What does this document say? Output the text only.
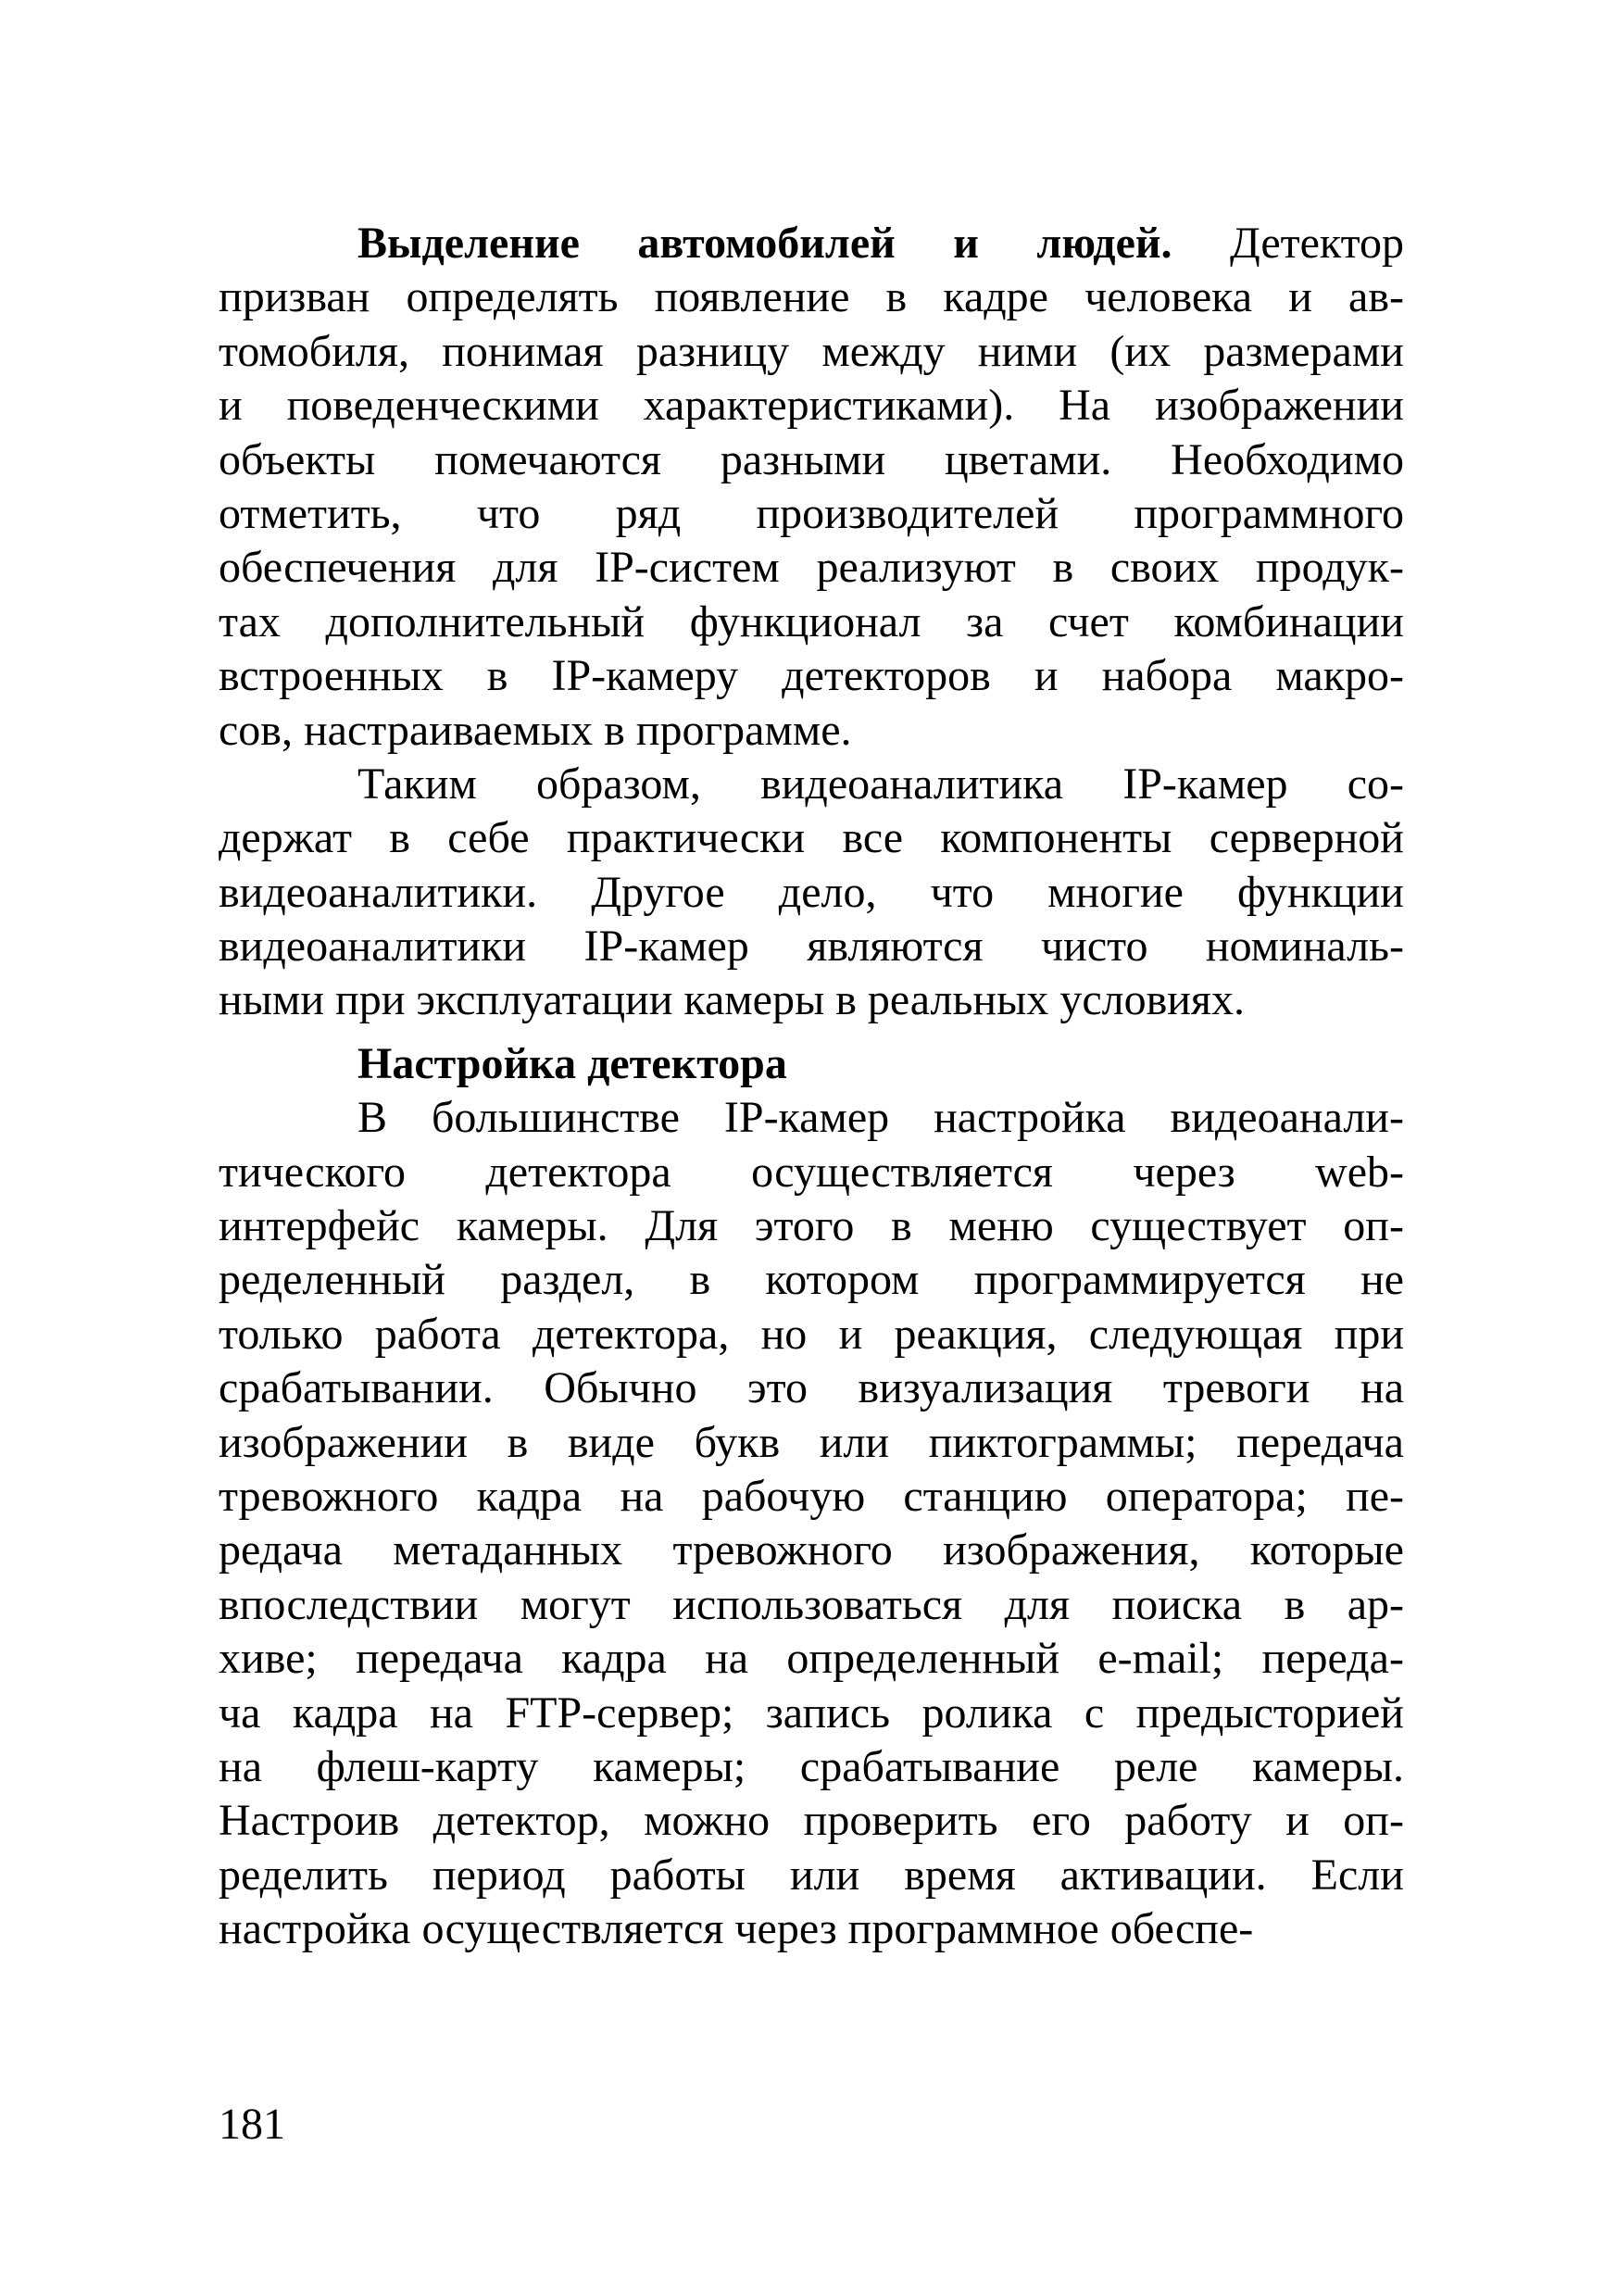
Выделение автомобилей и людей. Детектор
призван определять появление в кадре человека и ав-
томобиля, понимая разницу между ними (их размерами
и поведенческими характеристиками). На изображении
объекты помечаются разными цветами. Необходимо
отметить, что ряд производителей программного
обеспечения для IP-систем реализуют в своих продук-
тах дополнительный функционал за счет комбинации
встроенных в IP-камеру детекторов и набора макро-
сов, настраиваемых в программе.
Таким образом, видеоаналитика IP-камер со-
держат в себе практически все компоненты серверной
видеоаналитики. Другое дело, что многие функции
видеоаналитики IP-камер являются чисто номиналь-
ными при эксплуатации камеры в реальных условиях.
Настройка детектора
В большинстве IP-камер настройка видеоанали-
тического детектора осуществляется через web-
интерфейс камеры. Для этого в меню существует оп-
ределенный раздел, в котором программируется не
только работа детектора, но и реакция, следующая при
срабатывании. Обычно это визуализация тревоги на
изображении в виде букв или пиктограммы; передача
тревожного кадра на рабочую станцию оператора; пе-
редача метаданных тревожного изображения, которые
впоследствии могут использоваться для поиска в ар-
хиве; передача кадра на определенный e-mail; переда-
ча кадра на FTP-сервер; запись ролика с предысторией
на флеш-карту камеры; срабатывание реле камеры.
Настроив детектор, можно проверить его работу и оп-
ределить период работы или время активации. Если
настройка осуществляется через программное обеспе-
181
